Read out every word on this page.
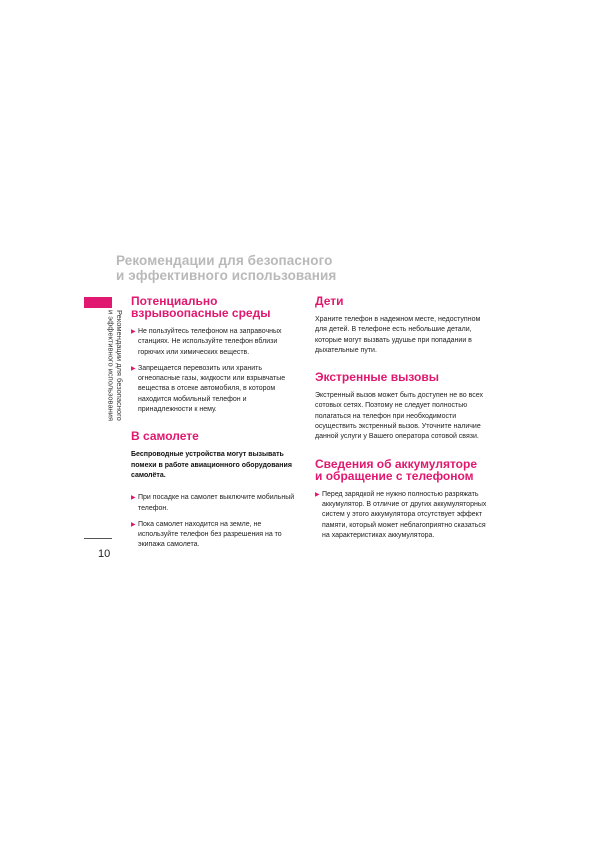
Рекомендации для безопасного
и эффективного использования
Рекомендации для безопасного
и эффективного использования
10
Потенциально
взрывоопасные среды
▶ Не пользуйтесь телефоном на заправочных станциях. Не используйте телефон вблизи горючих или химических веществ.
▶ Запрещается перевозить или хранить огнеопасные газы, жидкости или взрывчатые вещества в отсеке автомобиля, в котором находится мобильный телефон и принадлежности к нему.
В самолете

Беспроводные устройства могут вызывать помехи в работе авиационного оборудования самолёта.

▶ При посадке на самолет выключите мобильный телефон.
▶ Пока самолет находится на земле, не используйте телефон без разрешения на то экипажа самолета.
Дети

Храните телефон в надежном месте, недоступном для детей. В телефоне есть небольшие детали, которые могут вызвать удушье при попадании в дыхательные пути.

Экстренные вызовы

Экстренный вызов может быть доступен не во всех сотовых сетях. Поэтому не следует полностью полагаться на телефон при необходимости осуществить экстренный вызов. Уточните наличие данной услуги у Вашего оператора сотовой связи.

Сведения об аккумуляторе
и обращение с телефоном
▶ Перед зарядкой не нужно полностью разряжать аккумулятор. В отличие от других аккумуляторных систем у этого аккумулятора отсутствует эффект памяти, который может неблагоприятно сказаться на характеристиках аккумулятора.
